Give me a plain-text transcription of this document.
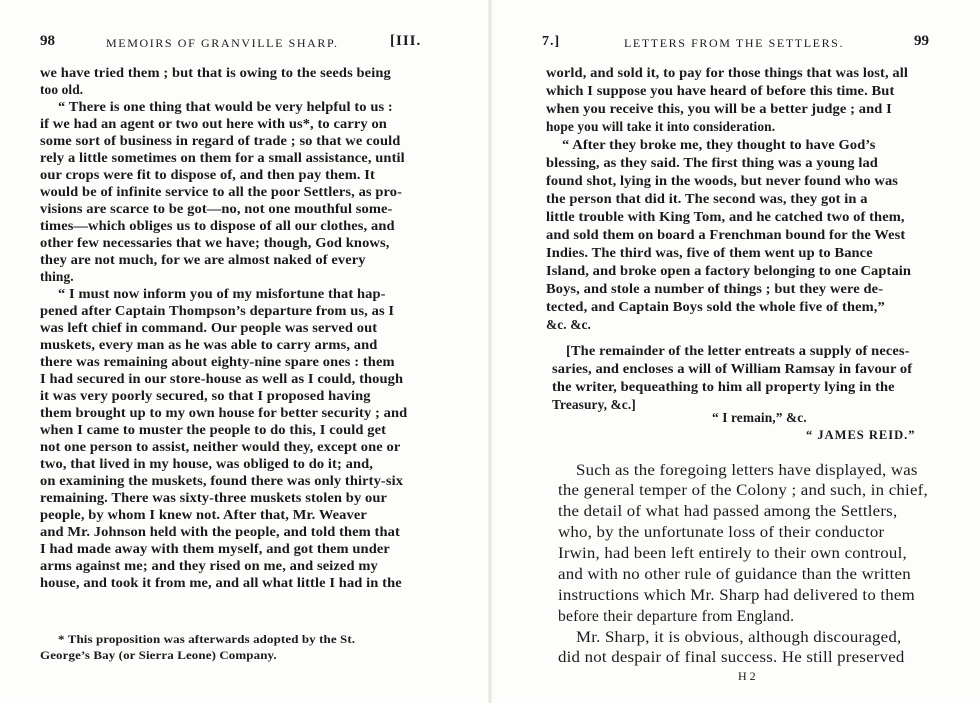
98	MEMOIRS OF GRANVILLE SHARP.	[III.
we have tried them ; but that is owing to the seeds being
too old.
“ There is one thing that would be very helpful to us :
if we had an agent or two out here with us*, to carry on
some sort of business in regard of trade ; so that we could
rely a little sometimes on them for a small assistance, until
our crops were fit to dispose of, and then pay them. It
would be of infinite service to all the poor Settlers, as pro-
visions are scarce to be got—no, not one mouthful some-
times—which obliges us to dispose of all our clothes, and
other few necessaries that we have; though, God knows,
they are not much, for we are almost naked of every
thing.
“ I must now inform you of my misfortune that hap-
pened after Captain Thompson’s departure from us, as I
was left chief in command. Our people was served out
muskets, every man as he was able to carry arms, and
there was remaining about eighty-nine spare ones : them
I had secured in our store-house as well as I could, though
it was very poorly secured, so that I proposed having
them brought up to my own house for better security ; and
when I came to muster the people to do this, I could get
not one person to assist, neither would they, except one or
two, that lived in my house, was obliged to do it; and,
on examining the muskets, found there was only thirty-six
remaining. There was sixty-three muskets stolen by our
people, by whom I knew not. After that, Mr. Weaver
and Mr. Johnson held with the people, and told them that
I had made away with them myself, and got them under
arms against me; and they rised on me, and seized my
house, and took it from me, and all what little I had in the
* This proposition was afterwards adopted by the St.
George’s Bay (or Sierra Leone) Company.
7.]	LETTERS FROM THE SETTLERS.	99
world, and sold it, to pay for those things that was lost, all
which I suppose you have heard of before this time. But
when you receive this, you will be a better judge ; and I
hope you will take it into consideration.
“ After they broke me, they thought to have God’s
blessing, as they said. The first thing was a young lad
found shot, lying in the woods, but never found who was
the person that did it. The second was, they got in a
little trouble with King Tom, and he catched two of them,
and sold them on board a Frenchman bound for the West
Indies. The third was, five of them went up to Bance
Island, and broke open a factory belonging to one Captain
Boys, and stole a number of things ; but they were de-
tected, and Captain Boys sold the whole five of them,”
&c. &c.
[The remainder of the letter entreats a supply of neces-
saries, and encloses a will of William Ramsay in favour of
the writer, bequeathing to him all property lying in the
Treasury, &c.]
“ I remain,” &c.
“ JAMES REID.”
Such as the foregoing letters have displayed, was
the general temper of the Colony ; and such, in chief,
the detail of what had passed among the Settlers,
who, by the unfortunate loss of their conductor
Irwin, had been left entirely to their own controul,
and with no other rule of guidance than the written
instructions which Mr. Sharp had delivered to them
before their departure from England.
Mr. Sharp, it is obvious, although discouraged,
did not despair of final success. He still preserved
H 2
